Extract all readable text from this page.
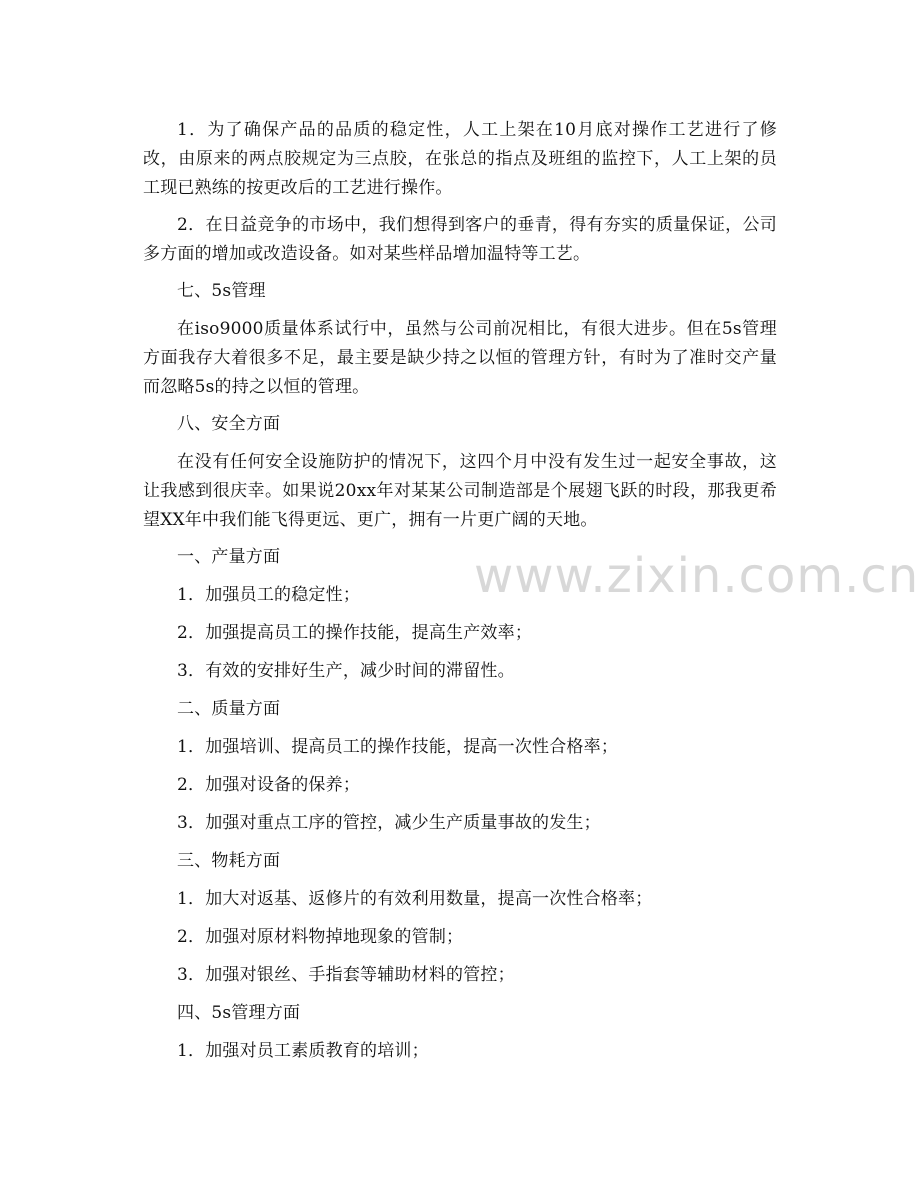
1．为了确保产品的品质的稳定性，人工上架在10月底对操作工艺进行了修改，由原来的两点胶规定为三点胶，在张总的指点及班组的监控下，人工上架的员工现已熟练的按更改后的工艺进行操作。

2．在日益竞争的市场中，我们想得到客户的垂青，得有夯实的质量保证，公司多方面的增加或改造设备。如对某些样品增加温特等工艺。

七、5s管理

在iso9000质量体系试行中，虽然与公司前况相比，有很大进步。但在5s管理方面我存大着很多不足，最主要是缺少持之以恒的管理方针，有时为了准时交产量而忽略5s的持之以恒的管理。

八、安全方面

在没有任何安全设施防护的情况下，这四个月中没有发生过一起安全事故，这让我感到很庆幸。如果说20xx年对某某公司制造部是个展翅飞跃的时段，那我更希望XX年中我们能飞得更远、更广，拥有一片更广阔的天地。

一、产量方面

1．加强员工的稳定性；

2．加强提高员工的操作技能，提高生产效率；

3．有效的安排好生产，减少时间的滞留性。

二、质量方面

1．加强培训、提高员工的操作技能，提高一次性合格率；

2．加强对设备的保养；

3．加强对重点工序的管控，减少生产质量事故的发生；

三、物耗方面

1．加大对返基、返修片的有效利用数量，提高一次性合格率；

2．加强对原材料物掉地现象的管制；

3．加强对银丝、手指套等辅助材料的管控；

四、5s管理方面

1．加强对员工素质教育的培训；

www.zixin.com.cn
